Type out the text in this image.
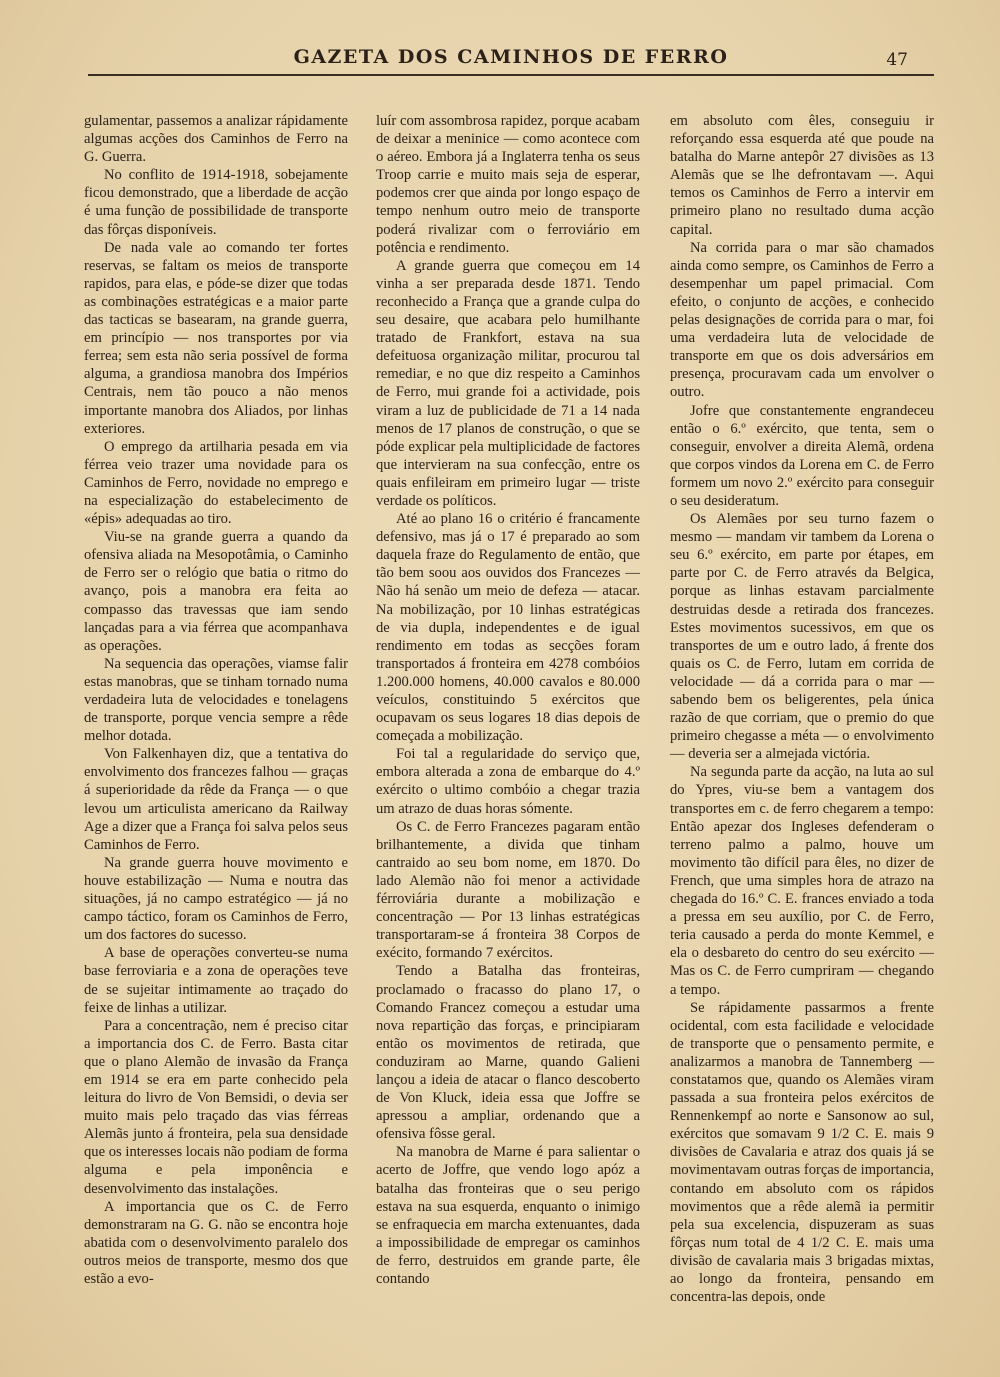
GAZETA DOS CAMINHOS DE FERRO	47

gulamentar, passemos a analizar rápidamente algumas acções dos Caminhos de Ferro na G. Guerra.

No conflito de 1914-1918, sobejamente ficou demonstrado, que a liberdade de acção é uma função de possibilidade de transporte das fôrças disponíveis.

De nada vale ao comando ter fortes reservas, se faltam os meios de transporte rapidos, para elas, e póde-se dizer que todas as combinações estratégicas e a maior parte das tacticas se basearam, na grande guerra, em princípio — nos transportes por via ferrea; sem esta não seria possível de forma alguma, a grandiosa manobra dos Impérios Centrais, nem tão pouco a não menos importante manobra dos Aliados, por linhas exteriores.

O emprego da artilharia pesada em via férrea veio trazer uma novidade para os Caminhos de Ferro, novidade no emprego e na especialização do estabelecimento de «épis» adequadas ao tiro.

Viu-se na grande guerra a quando da ofensiva aliada na Mesopotâmia, o Caminho de Ferro ser o relógio que batia o ritmo do avanço, pois a manobra era feita ao compasso das travessas que iam sendo lançadas para a via férrea que acompanhava as operações.

Na sequencia das operações, viamse falir estas manobras, que se tinham tornado numa verdadeira luta de velocidades e tonelagens de transporte, porque vencia sempre a rêde melhor dotada.

Von Falkenhayen diz, que a tentativa do envolvimento dos francezes falhou — graças á superioridade da rêde da França — o que levou um articulista americano da Railway Age a dizer que a França foi salva pelos seus Caminhos de Ferro.

Na grande guerra houve movimento e houve estabilização — Numa e noutra das situações, já no campo estratégico — já no campo táctico, foram os Caminhos de Ferro, um dos factores do sucesso.

A base de operações converteu-se numa base ferroviaria e a zona de operações teve de se sujeitar intimamente ao traçado do feixe de linhas a utilizar.

Para a concentração, nem é preciso citar a importancia dos C. de Ferro. Basta citar que o plano Alemão de invasão da França em 1914 se era em parte conhecido pela leitura do livro de Von Bemsidi, o devia ser muito mais pelo traçado das vias férreas Alemãs junto á fronteira, pela sua densidade que os interesses locais não podiam de forma alguma e pela imponência e desenvolvimento das instalações.

A importancia que os C. de Ferro demonstraram na G. G. não se encontra hoje abatida com o desenvolvimento paralelo dos outros meios de transporte, mesmo dos que estão a evo-

luír com assombrosa rapidez, porque acabam de deixar a meninice — como acontece com o aéreo. Embora já a Inglaterra tenha os seus Troop carrie e muito mais seja de esperar, podemos crer que ainda por longo espaço de tempo nenhum outro meio de transporte poderá rivalizar com o ferroviário em potência e rendimento.

A grande guerra que começou em 14 vinha a ser preparada desde 1871. Tendo reconhecido a França que a grande culpa do seu desaire, que acabara pelo humilhante tratado de Frankfort, estava na sua defeituosa organização militar, procurou tal remediar, e no que diz respeito a Caminhos de Ferro, mui grande foi a actividade, pois viram a luz de publicidade de 71 a 14 nada menos de 17 planos de construção, o que se póde explicar pela multiplicidade de factores que intervieram na sua confecção, entre os quais enfileiram em primeiro lugar — triste verdade os políticos.

Até ao plano 16 o critério é francamente defensivo, mas já o 17 é preparado ao som daquela fraze do Regulamento de então, que tão bem soou aos ouvidos dos Francezes — Não há senão um meio de defeza — atacar. Na mobilização, por 10 linhas estratégicas de via dupla, independentes e de igual rendimento em todas as secções foram transportados á fronteira em 4278 combóios 1.200.000 homens, 40.000 cavalos e 80.000 veículos, constituindo 5 exércitos que ocupavam os seus logares 18 dias depois de começada a mobilização.

Foi tal a regularidade do serviço que, embora alterada a zona de embarque do 4.º exército o ultimo combóio a chegar trazia um atrazo de duas horas sómente.

Os C. de Ferro Francezes pagaram então brilhantemente, a divida que tinham cantraido ao seu bom nome, em 1870. Do lado Alemão não foi menor a actividade férroviária durante a mobilização e concentração — Por 13 linhas estratégicas transportaram-se á fronteira 38 Corpos de exécito, formando 7 exércitos.

Tendo a Batalha das fronteiras, proclamado o fracasso do plano 17, o Comando Francez começou a estudar uma nova repartição das forças, e principiaram então os movimentos de retirada, que conduziram ao Marne, quando Galieni lançou a ideia de atacar o flanco descoberto de Von Kluck, ideia essa que Joffre se apressou a ampliar, ordenando que a ofensiva fôsse geral.

Na manobra de Marne é para salientar o acerto de Joffre, que vendo logo apóz a batalha das fronteiras que o seu perigo estava na sua esquerda, enquanto o inimigo se enfraquecia em marcha extenuantes, dada a impossibilidade de empregar os caminhos de ferro, destruidos em grande parte, êle contando

em absoluto com êles, conseguiu ir reforçando essa esquerda até que poude na batalha do Marne antepôr 27 divisões as 13 Alemãs que se lhe defrontavam —. Aqui temos os Caminhos de Ferro a intervir em primeiro plano no resultado duma acção capital.

Na corrida para o mar são chamados ainda como sempre, os Caminhos de Ferro a desempenhar um papel primacial. Com efeito, o conjunto de acções, e conhecido pelas designações de corrida para o mar, foi uma verdadeira luta de velocidade de transporte em que os dois adversários em presença, procuravam cada um envolver o outro.

Jofre que constantemente engrandeceu então o 6.º exército, que tenta, sem o conseguir, envolver a direita Alemã, ordena que corpos vindos da Lorena em C. de Ferro formem um novo 2.º exército para conseguir o seu desideratum.

Os Alemães por seu turno fazem o mesmo — mandam vir tambem da Lorena o seu 6.º exército, em parte por étapes, em parte por C. de Ferro através da Belgica, porque as linhas estavam parcialmente destruidas desde a retirada dos francezes. Estes movimentos sucessivos, em que os transportes de um e outro lado, á frente dos quais os C. de Ferro, lutam em corrida de velocidade — dá a corrida para o mar — sabendo bem os beligerentes, pela única razão de que corriam, que o premio do que primeiro chegasse a méta — o envolvimento — deveria ser a almejada victória.

Na segunda parte da acção, na luta ao sul do Ypres, viu-se bem a vantagem dos transportes em c. de ferro chegarem a tempo: Então apezar dos Ingleses defenderam o terreno palmo a palmo, houve um movimento tão difícil para êles, no dizer de French, que uma simples hora de atrazo na chegada do 16.º C. E. frances enviado a toda a pressa em seu auxílio, por C. de Ferro, teria causado a perda do monte Kemmel, e ela o desbareto do centro do seu exército — Mas os C. de Ferro cumpriram — chegando a tempo.

Se rápidamente passarmos a frente ocidental, com esta facilidade e velocidade de transporte que o pensamento permite, e analizarmos a manobra de Tannemberg — constatamos que, quando os Alemães viram passada a sua fronteira pelos exércitos de Rennenkempf ao norte e Sansonow ao sul, exércitos que somavam 9 1/2 C. E. mais 9 divisões de Cavalaria e atraz dos quais já se movimentavam outras forças de importancia, contando em absoluto com os rápidos movimentos que a rêde alemã ia permitir pela sua excelencia, dispuzeram as suas fôrças num total de 4 1/2 C. E. mais uma divisão de cavalaria mais 3 brigadas mixtas, ao longo da fronteira, pensando em concentra-las depois, onde
